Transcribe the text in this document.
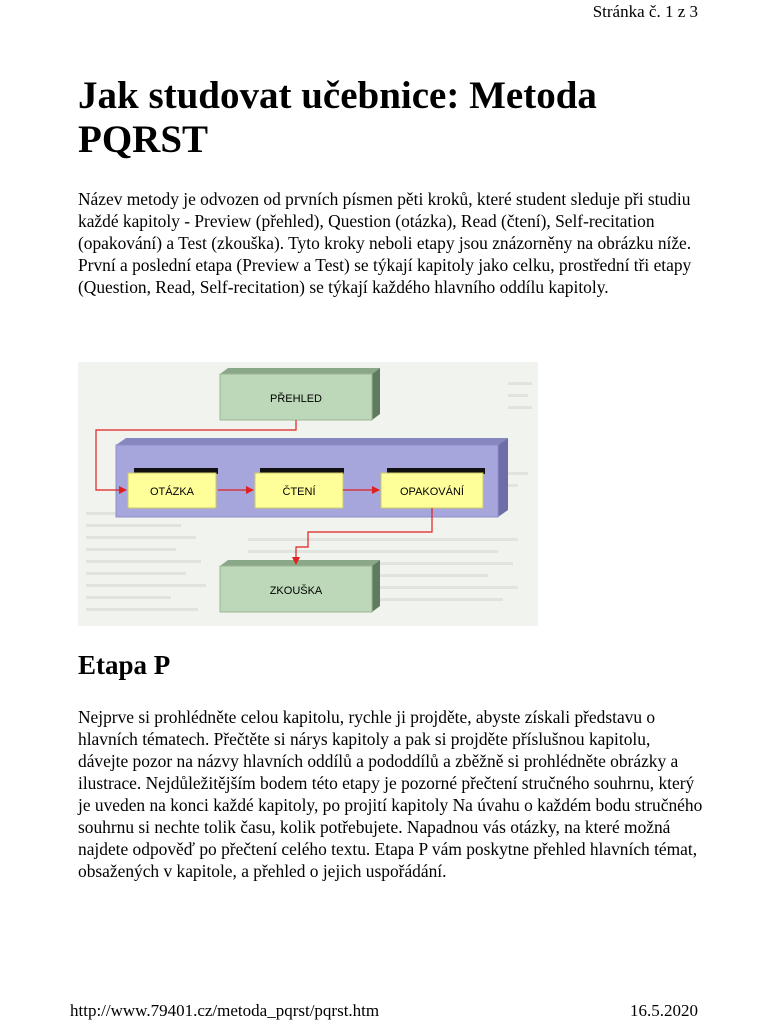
Stránka č. 1 z 3
Jak studovat učebnice: Metoda PQRST

Název metody je odvozen od prvních písmen pěti kroků, které student sleduje při studiu každé kapitoly - Preview (přehled), Question (otázka), Read (čtení), Self-recitation (opakování) a Test (zkouška). Tyto kroky neboli etapy jsou znázorněny na obrázku níže. První a poslední etapa (Preview a Test) se týkají kapitoly jako celku, prostřední tři etapy (Question, Read, Self-recitation) se týkají každého hlavního oddílu kapitoly.

PŘEHLED
OTÁZKA	ČTENÍ	OPAKOVÁNÍ
ZKOUŠKA
Etapa P

Nejprve si prohlédněte celou kapitolu, rychle ji projděte, abyste získali představu o hlavních tématech. Přečtěte si nárys kapitoly a pak si projděte příslušnou kapitolu, dávejte pozor na názvy hlavních oddílů a pododdílů a zběžně si prohlédněte obrázky a ilustrace. Nejdůležitějším bodem této etapy je pozorné přečtení stručného souhrnu, který je uveden na konci každé kapitoly, po projití kapitoly Na úvahu o každém bodu stručného souhrnu si nechte tolik času, kolik potřebujete. Napadnou vás otázky, na které možná najdete odpověď po přečtení celého textu. Etapa P vám poskytne přehled hlavních témat, obsažených v kapitole, a přehled o jejich uspořádání.

http://www.79401.cz/metoda_pqrst/pqrst.htm	16.5.2020
